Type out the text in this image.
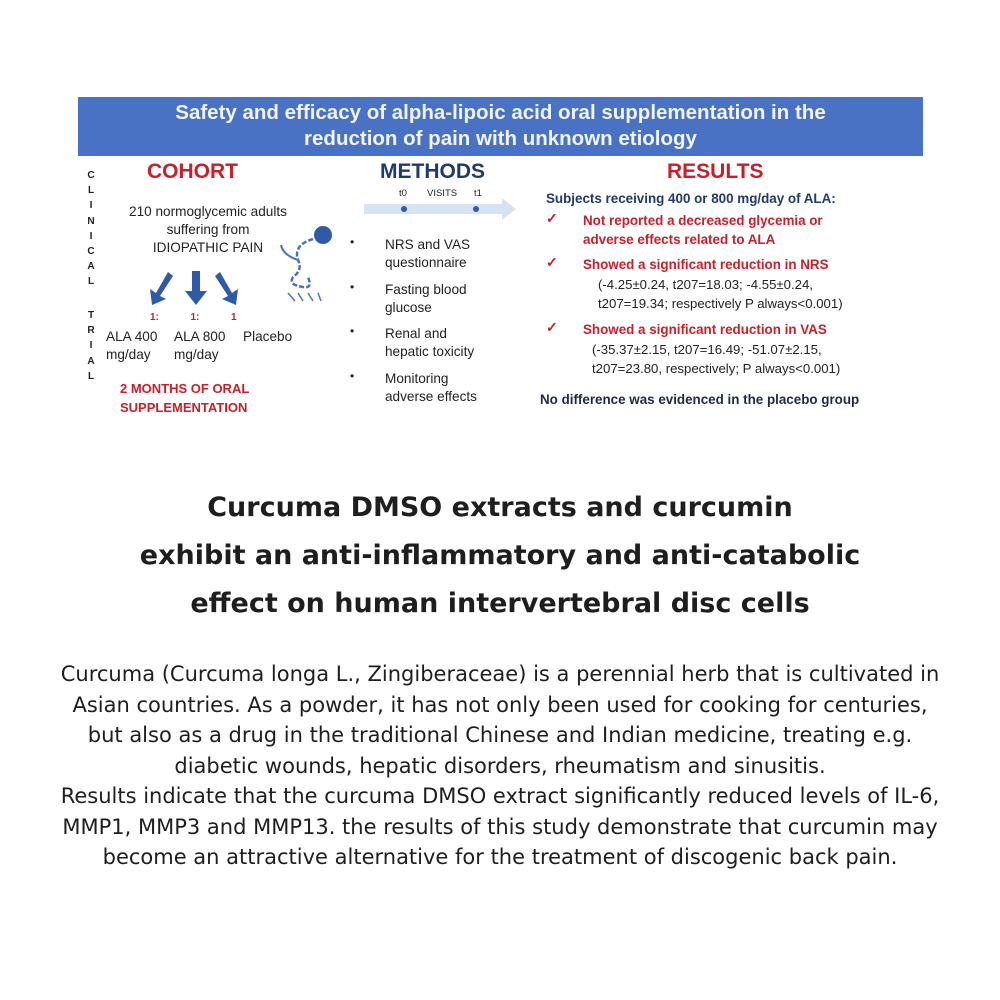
Safety and efficacy of alpha-lipoic acid oral supplementation in the
reduction of pain with unknown etiology
C
L
I
N
I
C
A
L
T
R
I
A
L
COHORT
210 normoglycemic adults
suffering from
IDIOPATHIC PAIN
1:	1:	1
ALA 400
mg/day
ALA 800
mg/day
Placebo
2 MONTHS OF ORAL
SUPPLEMENTATION
METHODS
t0 VISITS t1
• NRS and VAS
questionnaire
• Fasting blood
glucose
• Renal and
hepatic toxicity
• Monitoring
adverse effects
RESULTS
Subjects receiving 400 or 800 mg/day of ALA:
✓ Not reported a decreased glycemia or
adverse effects related to ALA
✓ Showed a significant reduction in NRS
(-4.25±0.24, t207=18.03; -4.55±0.24,
t207=19.34; respectively P always<0.001)
✓ Showed a significant reduction in VAS
(-35.37±2.15, t207=16.49; -51.07±2.15,
t207=23.80, respectively; P always<0.001)
No difference was evidenced in the placebo group
Curcuma DMSO extracts and curcumin
exhibit an anti-inflammatory and anti-catabolic
effect on human intervertebral disc cells

Curcuma (Curcuma longa L., Zingiberaceae) is a perennial herb that is cultivated in Asian countries. As a powder, it has not only been used for cooking for centuries, but also as a drug in the traditional Chinese and Indian medicine, treating e.g. diabetic wounds, hepatic disorders, rheumatism and sinusitis.

Results indicate that the curcuma DMSO extract significantly reduced levels of IL-6, MMP1, MMP3 and MMP13. the results of this study demonstrate that curcumin may become an attractive alternative for the treatment of discogenic back pain.
